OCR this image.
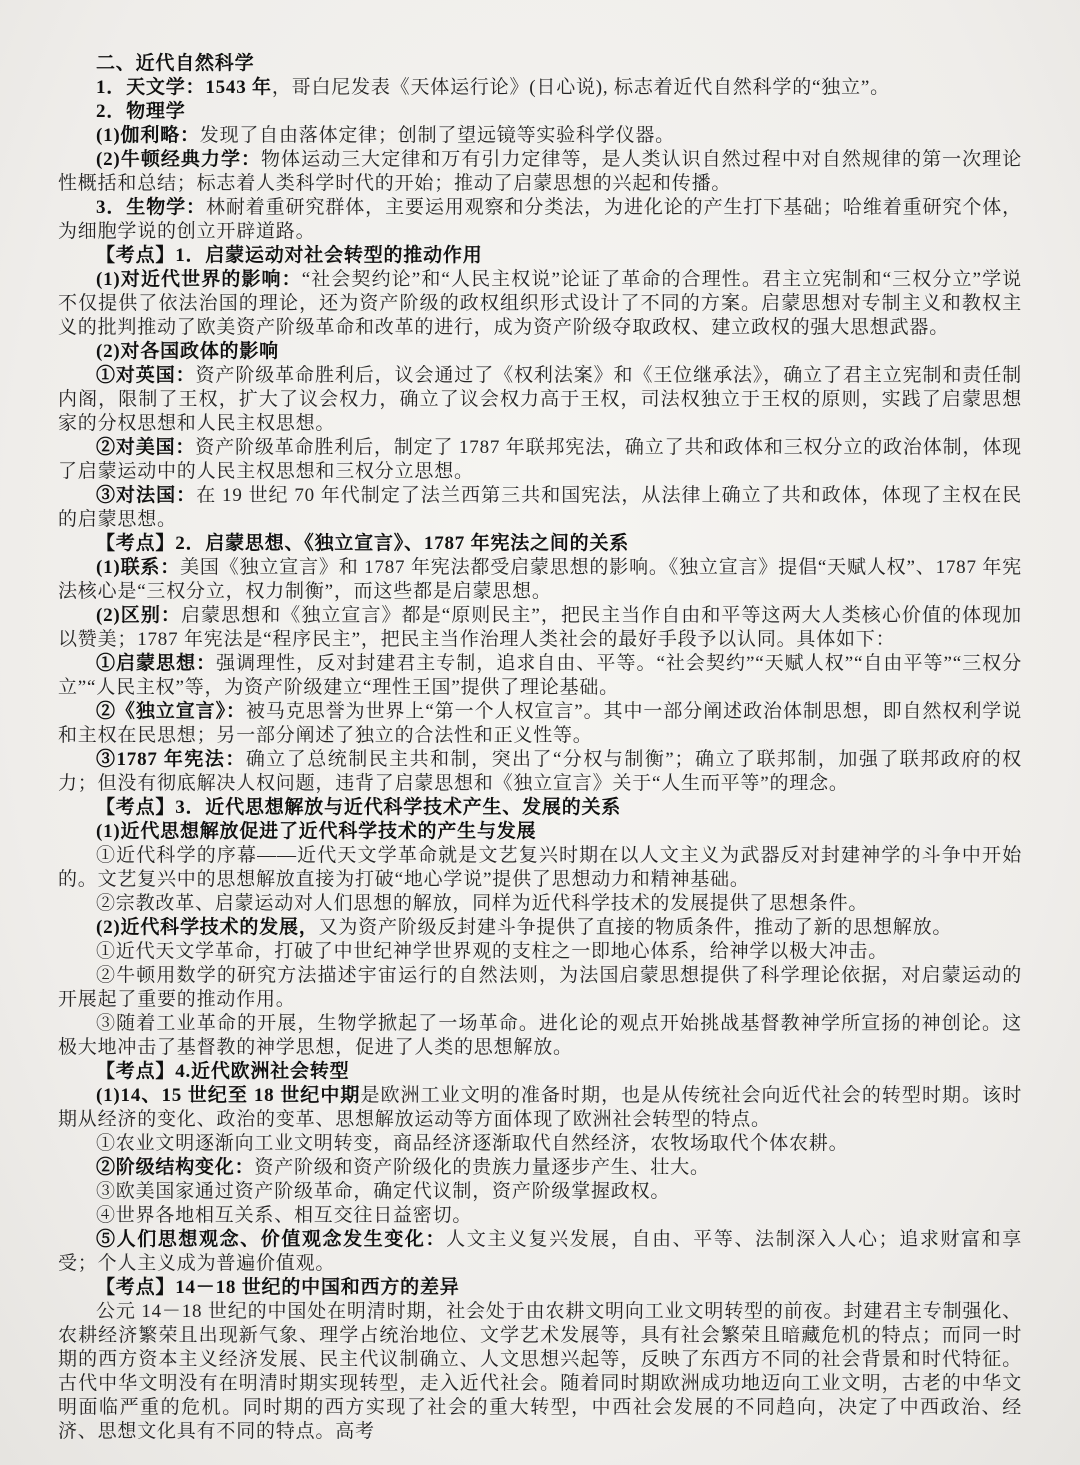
二、近代自然科学

1．天文学：1543 年，哥白尼发表《天体运行论》(日心说), 标志着近代自然科学的“独立”。

2．物理学

(1)伽利略：发现了自由落体定律；创制了望远镜等实验科学仪器。

(2)牛顿经典力学：物体运动三大定律和万有引力定律等，是人类认识自然过程中对自然规律的第一次理论性概括和总结；标志着人类科学时代的开始；推动了启蒙思想的兴起和传播。

3．生物学：林耐着重研究群体，主要运用观察和分类法，为进化论的产生打下基础；哈维着重研究个体，为细胞学说的创立开辟道路。

【考点】1．启蒙运动对社会转型的推动作用

(1)对近代世界的影响：“社会契约论”和“人民主权说”论证了革命的合理性。君主立宪制和“三权分立”学说不仅提供了依法治国的理论，还为资产阶级的政权组织形式设计了不同的方案。启蒙思想对专制主义和教权主义的批判推动了欧美资产阶级革命和改革的进行，成为资产阶级夺取政权、建立政权的强大思想武器。

(2)对各国政体的影响

①对英国：资产阶级革命胜利后，议会通过了《权利法案》和《王位继承法》，确立了君主立宪制和责任制内阁，限制了王权，扩大了议会权力，确立了议会权力高于王权，司法权独立于王权的原则，实践了启蒙思想家的分权思想和人民主权思想。

②对美国：资产阶级革命胜利后，制定了 1787 年联邦宪法，确立了共和政体和三权分立的政治体制，体现了启蒙运动中的人民主权思想和三权分立思想。

③对法国：在 19 世纪 70 年代制定了法兰西第三共和国宪法，从法律上确立了共和政体，体现了主权在民的启蒙思想。

【考点】2．启蒙思想、《独立宣言》、1787 年宪法之间的关系

(1)联系：美国《独立宣言》和 1787 年宪法都受启蒙思想的影响。《独立宣言》提倡“天赋人权”、1787 年宪法核心是“三权分立，权力制衡”，而这些都是启蒙思想。

(2)区别：启蒙思想和《独立宣言》都是“原则民主”，把民主当作自由和平等这两大人类核心价值的体现加以赞美；1787 年宪法是“程序民主”，把民主当作治理人类社会的最好手段予以认同。具体如下：

①启蒙思想：强调理性，反对封建君主专制，追求自由、平等。“社会契约”“天赋人权”“自由平等”“三权分立”“人民主权”等，为资产阶级建立“理性王国”提供了理论基础。

②《独立宣言》：被马克思誉为世界上“第一个人权宣言”。其中一部分阐述政治体制思想，即自然权利学说和主权在民思想；另一部分阐述了独立的合法性和正义性等。

③1787 年宪法：确立了总统制民主共和制，突出了“分权与制衡”；确立了联邦制，加强了联邦政府的权力；但没有彻底解决人权问题，违背了启蒙思想和《独立宣言》关于“人生而平等”的理念。

【考点】3．近代思想解放与近代科学技术产生、发展的关系

(1)近代思想解放促进了近代科学技术的产生与发展

①近代科学的序幕——近代天文学革命就是文艺复兴时期在以人文主义为武器反对封建神学的斗争中开始的。文艺复兴中的思想解放直接为打破“地心学说”提供了思想动力和精神基础。

②宗教改革、启蒙运动对人们思想的解放，同样为近代科学技术的发展提供了思想条件。

(2)近代科学技术的发展，又为资产阶级反封建斗争提供了直接的物质条件，推动了新的思想解放。

①近代天文学革命，打破了中世纪神学世界观的支柱之一即地心体系，给神学以极大冲击。

②牛顿用数学的研究方法描述宇宙运行的自然法则，为法国启蒙思想提供了科学理论依据，对启蒙运动的开展起了重要的推动作用。

③随着工业革命的开展，生物学掀起了一场革命。进化论的观点开始挑战基督教神学所宣扬的神创论。这极大地冲击了基督教的神学思想，促进了人类的思想解放。

【考点】4.近代欧洲社会转型

(1)14、15 世纪至 18 世纪中期是欧洲工业文明的准备时期，也是从传统社会向近代社会的转型时期。该时期从经济的变化、政治的变革、思想解放运动等方面体现了欧洲社会转型的特点。

①农业文明逐渐向工业文明转变，商品经济逐渐取代自然经济，农牧场取代个体农耕。

②阶级结构变化：资产阶级和资产阶级化的贵族力量逐步产生、壮大。

③欧美国家通过资产阶级革命，确定代议制，资产阶级掌握政权。

④世界各地相互关系、相互交往日益密切。

⑤人们思想观念、价值观念发生变化：人文主义复兴发展，自由、平等、法制深入人心；追求财富和享受；个人主义成为普遍价值观。

【考点】14－18 世纪的中国和西方的差异

公元 14－18 世纪的中国处在明清时期，社会处于由农耕文明向工业文明转型的前夜。封建君主专制强化、农耕经济繁荣且出现新气象、理学占统治地位、文学艺术发展等，具有社会繁荣且暗藏危机的特点；而同一时期的西方资本主义经济发展、民主代议制确立、人文思想兴起等，反映了东西方不同的社会背景和时代特征。古代中华文明没有在明清时期实现转型，走入近代社会。随着同时期欧洲成功地迈向工业文明，古老的中华文明面临严重的危机。同时期的西方实现了社会的重大转型，中西社会发展的不同趋向，决定了中西政治、经济、思想文化具有不同的特点。高考
